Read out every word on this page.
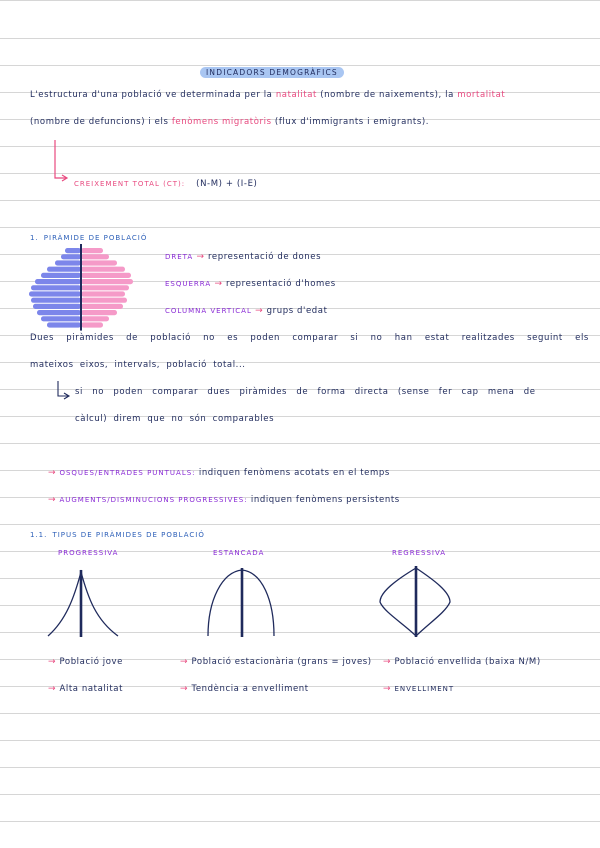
INDICADORS DEMOGRÀFICS
L'estructura d'una població ve determinada per la natalitat (nombre de naixements), la mortalitat
(nombre de defuncions) i els fenòmens migratòris (flux d'immigrants i emigrants).
CREIXEMENT TOTAL (CT): (N-M) + (I-E)
1. PIRÀMIDE DE POBLACIÓ
DRETA → representació de dones
ESQUERRA → representació d'homes
COLUMNA VERTICAL → grups d'edat
Dues piràmides de població no es poden comparar si no han estat realitzades seguint els
mateixos eixos, intervals, població total...
si no poden comparar dues piràmides de forma directa (sense fer cap mena de
càlcul) direm que no són comparables
→ OSQUES/ENTRADES PUNTUALS: indiquen fenòmens acotats en el temps
→ AUGMENTS/DISMINUCIONS PROGRESSIVES: indiquen fenòmens persistents
1.1. TIPUS DE PIRÀMIDES DE POBLACIÓ
PROGRESSIVA	ESTANCADA	REGRESSIVA
→ Població jove
→ Alta natalitat
→ Població estacionària (grans = joves)
→ Tendència a envelliment
→ Població envellida (baixa N/M)
→ ENVELLIMENT
